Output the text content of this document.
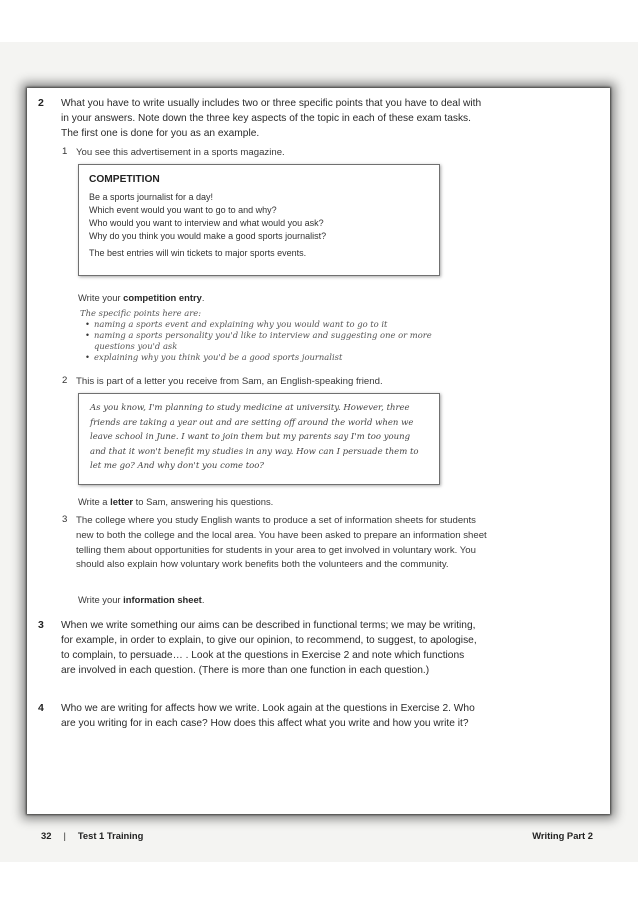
2 What you have to write usually includes two or three specific points that you have to deal with in your answers. Note down the three key aspects of the topic in each of these exam tasks. The first one is done for you as an example.
1 You see this advertisement in a sports magazine.
COMPETITION
Be a sports journalist for a day!
Which event would you want to go to and why?
Who would you want to interview and what would you ask?
Why do you think you would make a good sports journalist?
The best entries will win tickets to major sports events.
Write your competition entry.
The specific points here are:
• naming a sports event and explaining why you would want to go to it
• naming a sports personality you'd like to interview and suggesting one or more questions you'd ask
• explaining why you think you'd be a good sports journalist
2 This is part of a letter you receive from Sam, an English-speaking friend.
As you know, I'm planning to study medicine at university. However, three friends are taking a year out and are setting off around the world when we leave school in June. I want to join them but my parents say I'm too young and that it won't benefit my studies in any way. How can I persuade them to let me go? And why don't you come too?
Write a letter to Sam, answering his questions.
3 The college where you study English wants to produce a set of information sheets for students new to both the college and the local area. You have been asked to prepare an information sheet telling them about opportunities for students in your area to get involved in voluntary work. You should also explain how voluntary work benefits both the volunteers and the community.
Write your information sheet.
3 When we write something our aims can be described in functional terms; we may be writing, for example, in order to explain, to give our opinion, to recommend, to suggest, to apologise, to complain, to persuade… . Look at the questions in Exercise 2 and note which functions are involved in each question. (There is more than one function in each question.)
4 Who we are writing for affects how we write. Look again at the questions in Exercise 2. Who are you writing for in each case? How does this affect what you write and how you write it?
32 | Test 1 Training	Writing Part 2
